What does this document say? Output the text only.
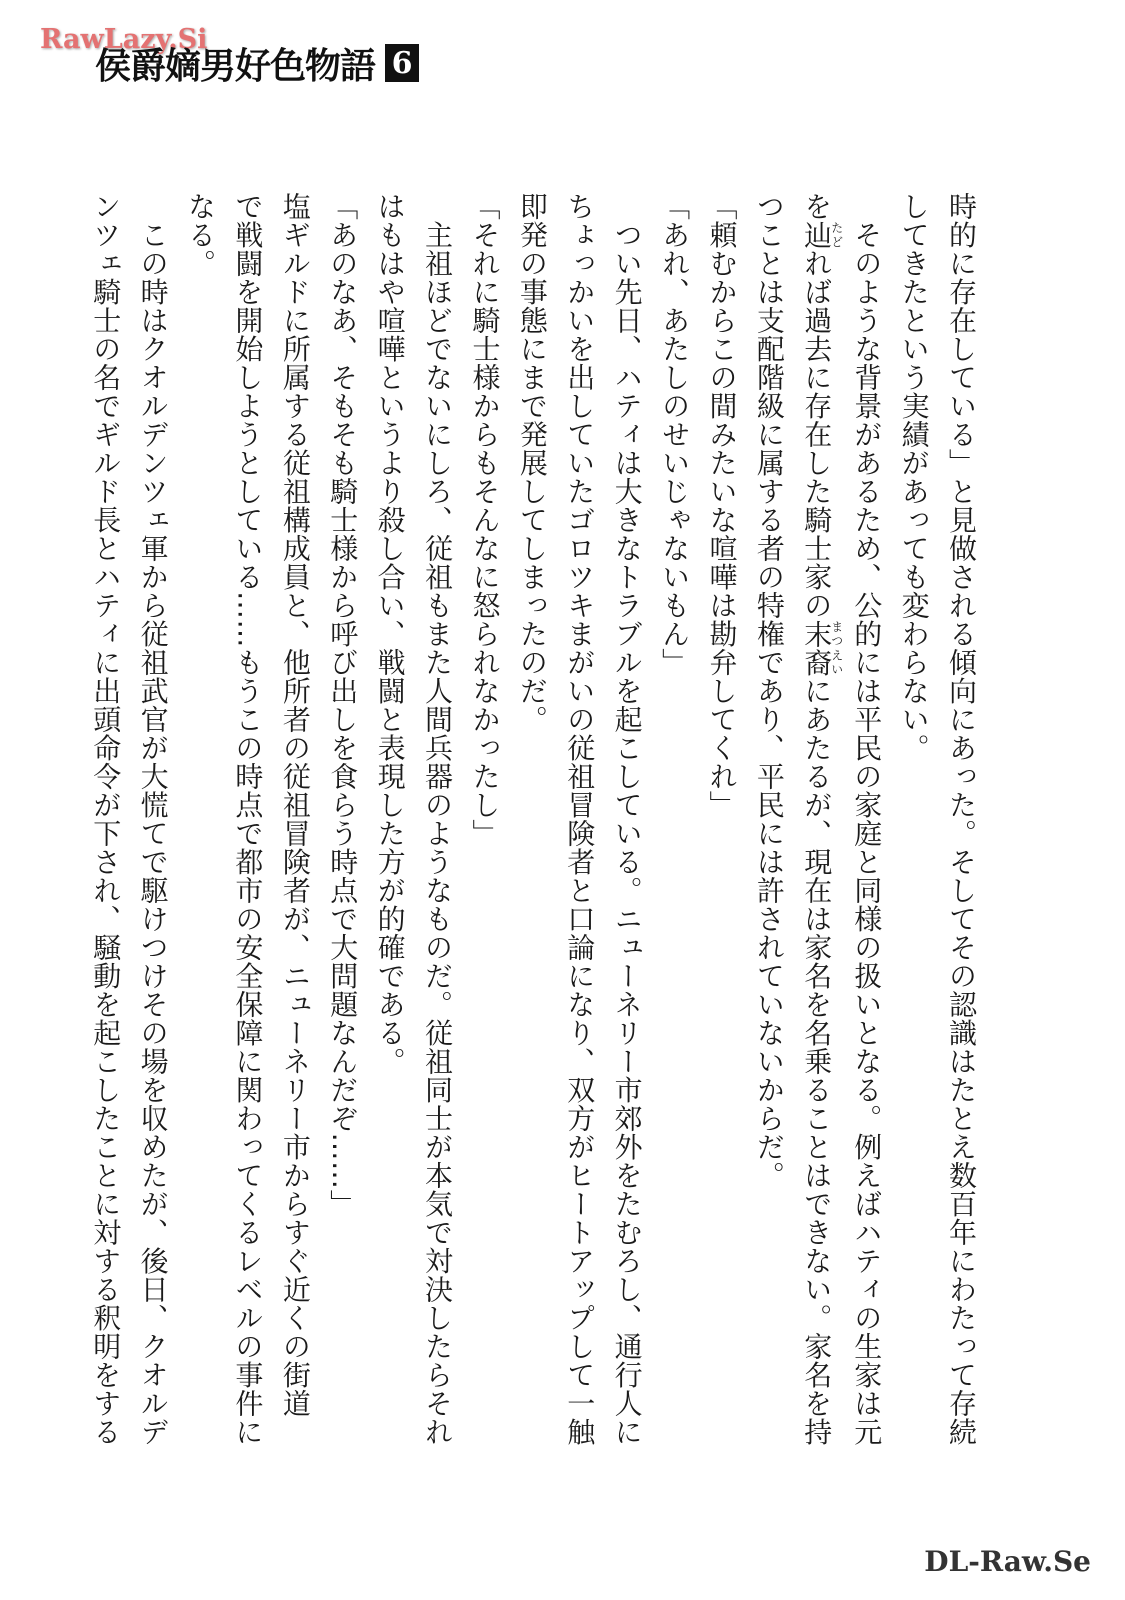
RawLazy.Si
侯爵嫡男好色物語 6
時的に存在している」と見做される傾向にあった。そしてその認識はたとえ数百年にわたって存続
してきたという実績があっても変わらない。
　そのような背景があるため、公的には平民の家庭と同様の扱いとなる。例えばハティの生家は元
を辿たどれば過去に存在した騎士家の末裔まつえいにあたるが、現在は家名を名乗ることはできない。家名を持
つことは支配階級に属する者の特権であり、平民には許されていないからだ。
「頼むからこの間みたいな喧嘩は勘弁してくれ」
「あれ、あたしのせいじゃないもん」
　つい先日、ハティは大きなトラブルを起こしている。ニューネリー市郊外をたむろし、通行人に
ちょっかいを出していたゴロツキまがいの従祖冒険者と口論になり、双方がヒートアップして一触
即発の事態にまで発展してしまったのだ。
「それに騎士様からもそんなに怒られなかったし」
　主祖ほどでないにしろ、従祖もまた人間兵器のようなものだ。従祖同士が本気で対決したらそれ
はもはや喧嘩というより殺し合い、戦闘と表現した方が的確である。
「あのなあ、そもそも騎士様から呼び出しを食らう時点で大問題なんだぞ……」
塩ギルドに所属する従祖構成員と、他所者の従祖冒険者が、ニューネリー市からすぐ近くの街道
で戦闘を開始しようとしている……もうこの時点で都市の安全保障に関わってくるレベルの事件に
なる。
　この時はクオルデンツェ軍から従祖武官が大慌てで駆けつけその場を収めたが、後日、クオルデ
ンツェ騎士の名でギルド長とハティに出頭命令が下され、騒動を起こしたことに対する釈明をする
DL-Raw.Se
